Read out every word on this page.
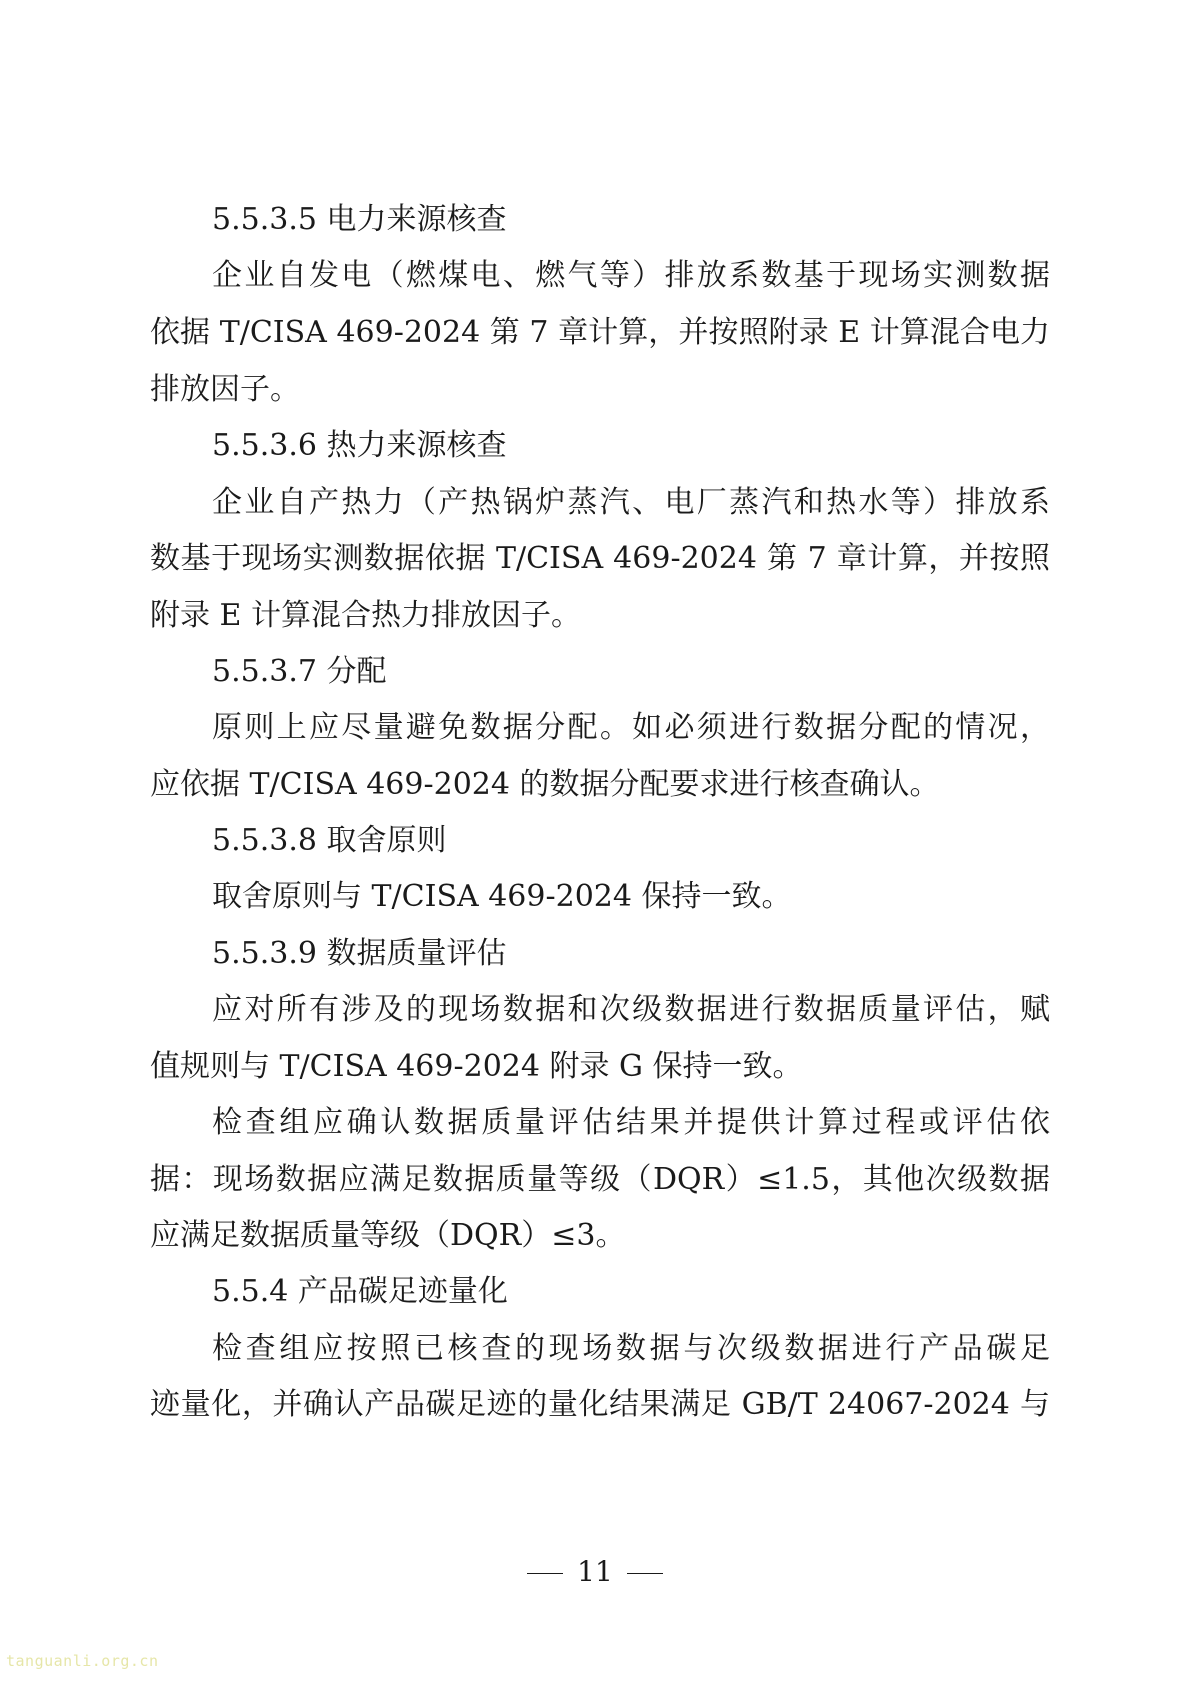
5.5.3.5 电力来源核查
企业自发电（燃煤电、燃气等）排放系数基于现场实测数据
依据 T/CISA 469-2024 第 7 章计算，并按照附录 E 计算混合电力
排放因子。
5.5.3.6 热力来源核查
企业自产热力（产热锅炉蒸汽、电厂蒸汽和热水等）排放系
数基于现场实测数据依据 T/CISA 469-2024 第 7 章计算，并按照
附录 E 计算混合热力排放因子。
5.5.3.7 分配
原则上应尽量避免数据分配。如必须进行数据分配的情况，
应依据 T/CISA 469-2024 的数据分配要求进行核查确认。
5.5.3.8 取舍原则
取舍原则与 T/CISA 469-2024 保持一致。
5.5.3.9 数据质量评估
应对所有涉及的现场数据和次级数据进行数据质量评估，赋
值规则与 T/CISA 469-2024 附录 G 保持一致。
检查组应确认数据质量评估结果并提供计算过程或评估依
据：现场数据应满足数据质量等级（DQR）≤1.5，其他次级数据
应满足数据质量等级（DQR）≤3。
5.5.4 产品碳足迹量化
检查组应按照已核查的现场数据与次级数据进行产品碳足
迹量化，并确认产品碳足迹的量化结果满足 GB/T 24067-2024 与
11
tanguanli.org.cn
